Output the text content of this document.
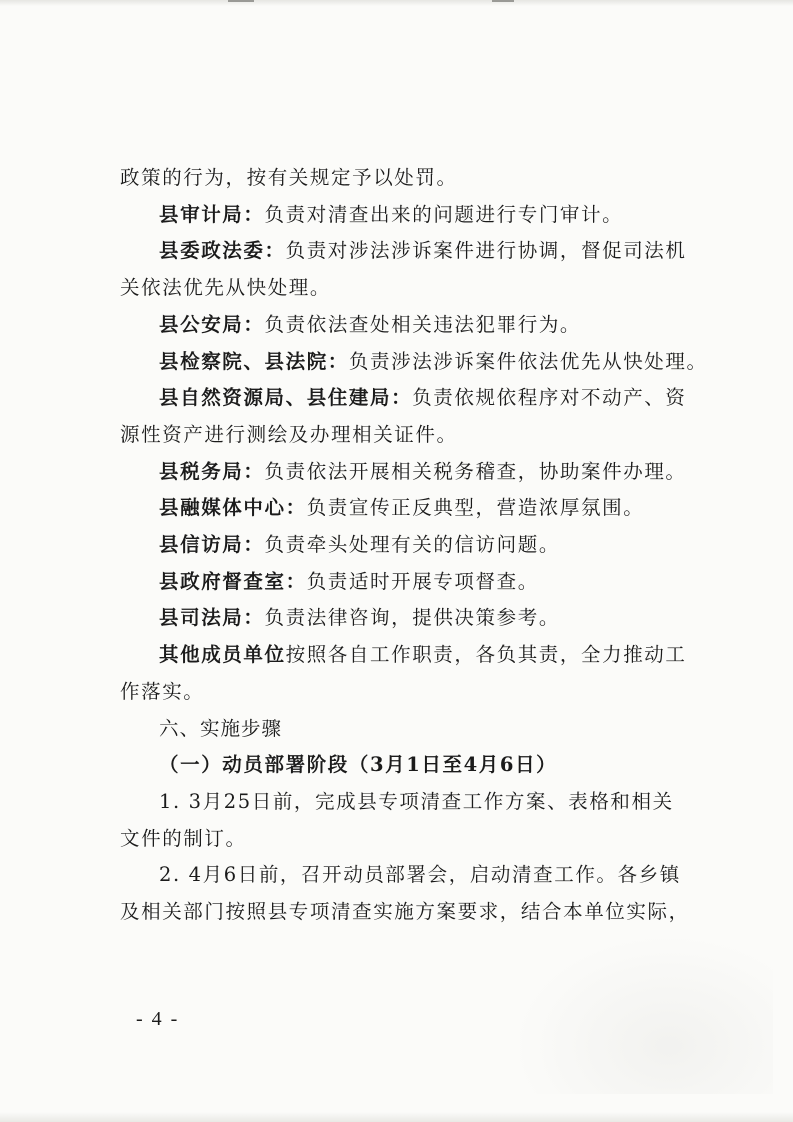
政策的行为，按有关规定予以处罚。
县审计局：负责对清查出来的问题进行专门审计。
县委政法委：负责对涉法涉诉案件进行协调，督促司法机
关依法优先从快处理。
县公安局：负责依法查处相关违法犯罪行为。
县检察院、县法院：负责涉法涉诉案件依法优先从快处理。
县自然资源局、县住建局：负责依规依程序对不动产、资
源性资产进行测绘及办理相关证件。
县税务局：负责依法开展相关税务稽查，协助案件办理。
县融媒体中心：负责宣传正反典型，营造浓厚氛围。
县信访局：负责牵头处理有关的信访问题。
县政府督查室：负责适时开展专项督查。
县司法局：负责法律咨询，提供决策参考。
其他成员单位按照各自工作职责，各负其责，全力推动工
作落实。
六、实施步骤
（一）动员部署阶段（3月1日至4月6日）
1. 3月25日前，完成县专项清查工作方案、表格和相关
文件的制订。
2. 4月6日前，召开动员部署会，启动清查工作。各乡镇
及相关部门按照县专项清查实施方案要求，结合本单位实际，
- 4 -
